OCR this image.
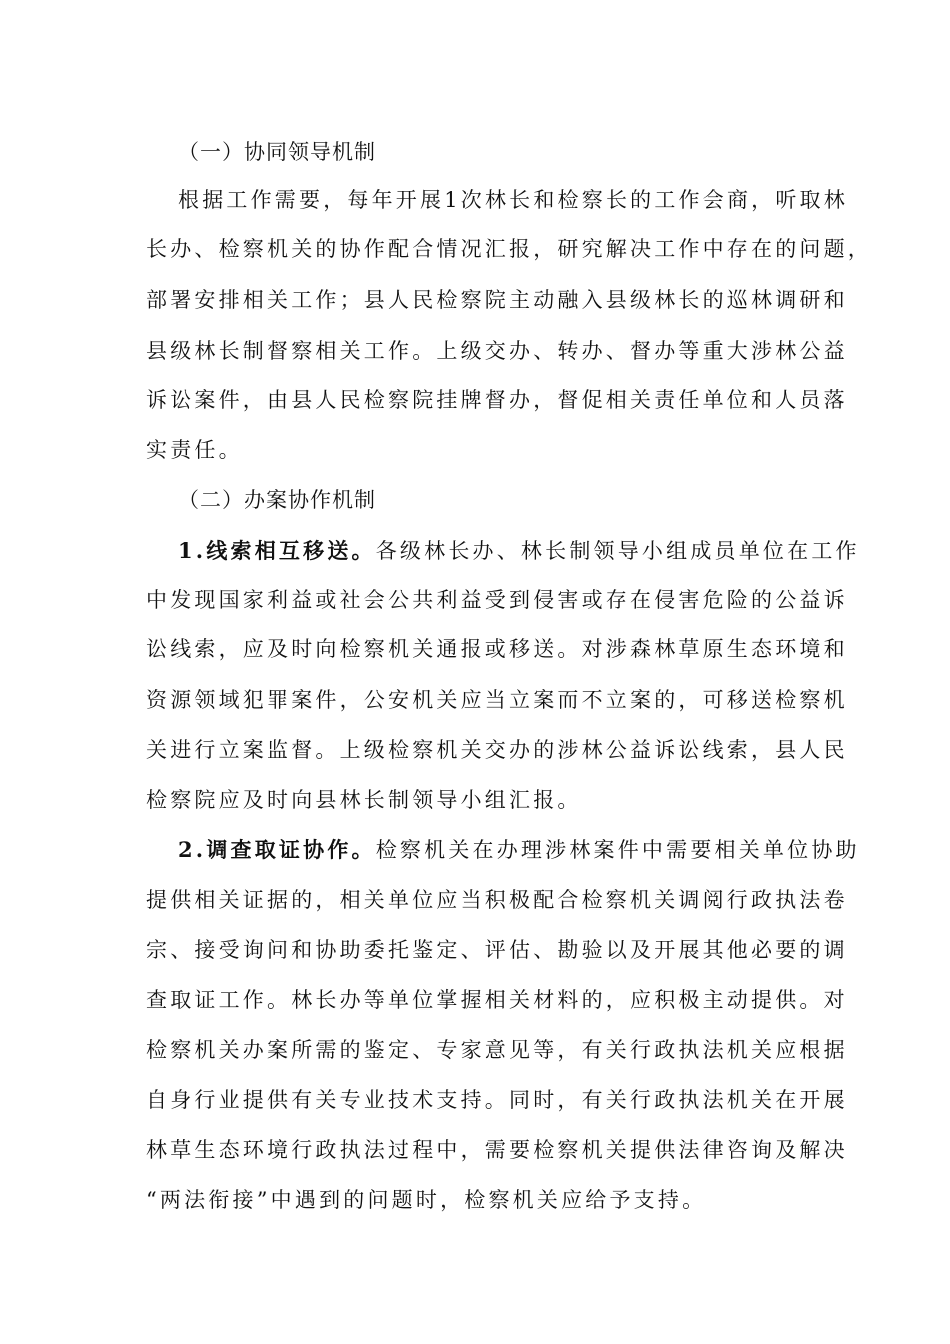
（一）协同领导机制
根据工作需要，每年开展1次林长和检察长的工作会商，听取林
长办、检察机关的协作配合情况汇报，研究解决工作中存在的问题，
部署安排相关工作；县人民检察院主动融入县级林长的巡林调研和
县级林长制督察相关工作。上级交办、转办、督办等重大涉林公益
诉讼案件，由县人民检察院挂牌督办，督促相关责任单位和人员落
实责任。
（二）办案协作机制
1.线索相互移送。各级林长办、林长制领导小组成员单位在工作
中发现国家利益或社会公共利益受到侵害或存在侵害危险的公益诉
讼线索，应及时向检察机关通报或移送。对涉森林草原生态环境和
资源领域犯罪案件，公安机关应当立案而不立案的，可移送检察机
关进行立案监督。上级检察机关交办的涉林公益诉讼线索，县人民
检察院应及时向县林长制领导小组汇报。
2.调查取证协作。检察机关在办理涉林案件中需要相关单位协助
提供相关证据的，相关单位应当积极配合检察机关调阅行政执法卷
宗、接受询问和协助委托鉴定、评估、勘验以及开展其他必要的调
查取证工作。林长办等单位掌握相关材料的，应积极主动提供。对
检察机关办案所需的鉴定、专家意见等，有关行政执法机关应根据
自身行业提供有关专业技术支持。同时，有关行政执法机关在开展
林草生态环境行政执法过程中，需要检察机关提供法律咨询及解决
“两法衔接”中遇到的问题时，检察机关应给予支持。
